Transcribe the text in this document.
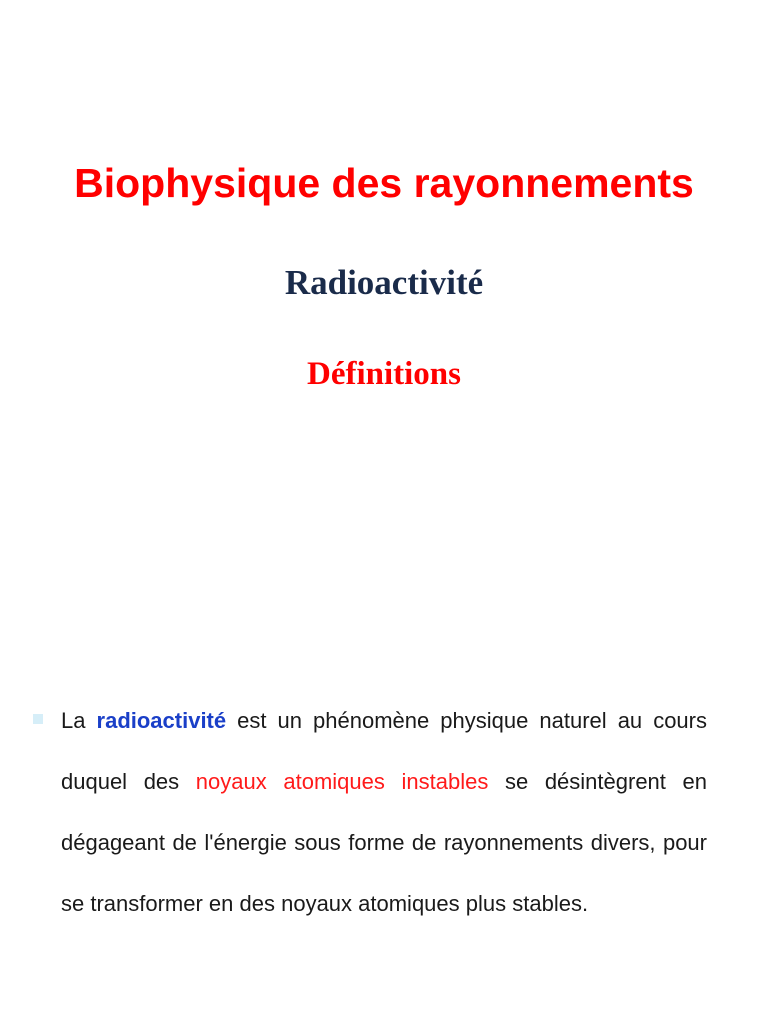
Biophysique des rayonnements
Radioactivité
Définitions

La radioactivité est un phénomène physique naturel au cours duquel des noyaux atomiques instables se désintègrent en dégageant de l'énergie sous forme de rayonnements divers, pour se transformer en des noyaux atomiques plus stables.
